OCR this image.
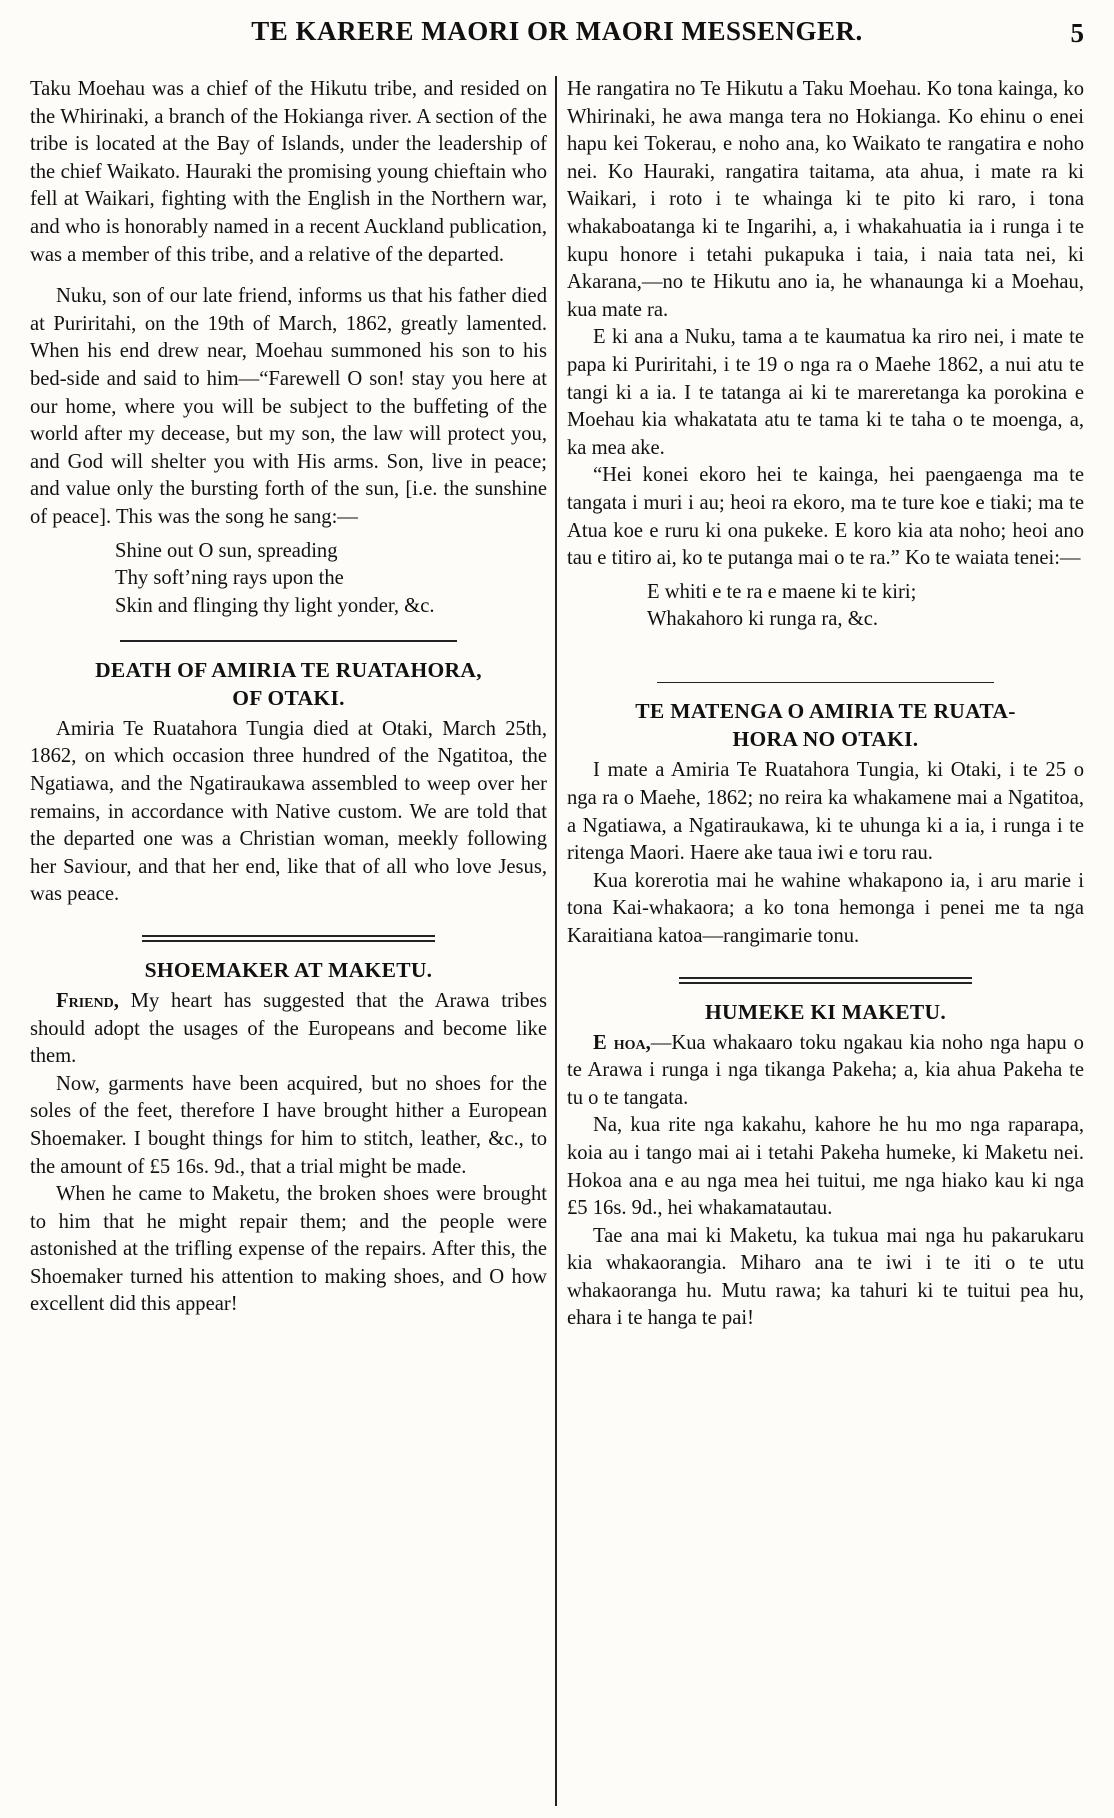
TE KARERE MAORI OR MAORI MESSENGER.	5

Taku Moehau was a chief of the Hikutu tribe, and resided on the Whirinaki, a branch of the Hokianga river. A section of the tribe is located at the Bay of Islands, under the leadership of the chief Waikato. Hauraki the promising young chieftain who fell at Waikari, fighting with the English in the Northern war, and who is honorably named in a recent Auckland publication, was a member of this tribe, and a relative of the departed.

Nuku, son of our late friend, informs us that his father died at Puriritahi, on the 19th of March, 1862, greatly lamented. When his end drew near, Moehau summoned his son to his bed-side and said to him—“Farewell O son! stay you here at our home, where you will be subject to the buffeting of the world after my decease, but my son, the law will protect you, and God will shelter you with His arms. Son, live in peace; and value only the bursting forth of the sun, [i.e. the sunshine of peace]. This was the song he sang:—

Shine out O sun, spreading
Thy soft’ning rays upon the
Skin and flinging thy light yonder, &c.
DEATH OF AMIRIA TE RUATAHORA,
OF OTAKI.

Amiria Te Ruatahora Tungia died at Otaki, March 25th, 1862, on which occasion three hundred of the Ngatitoa, the Ngatiawa, and the Ngatiraukawa assembled to weep over her remains, in accordance with Native custom. We are told that the departed one was a Christian woman, meekly following her Saviour, and that her end, like that of all who love Jesus, was peace.

SHOEMAKER AT MAKETU.

Friend, My heart has suggested that the Arawa tribes should adopt the usages of the Europeans and become like them.

Now, garments have been acquired, but no shoes for the soles of the feet, therefore I have brought hither a European Shoemaker. I bought things for him to stitch, leather, &c., to the amount of £5 16s. 9d., that a trial might be made.

When he came to Maketu, the broken shoes were brought to him that he might repair them; and the people were astonished at the trifling expense of the repairs. After this, the Shoemaker turned his attention to making shoes, and O how excellent did this appear!

He rangatira no Te Hikutu a Taku Moehau. Ko tona kainga, ko Whirinaki, he awa manga tera no Hokianga. Ko ehinu o enei hapu kei Tokerau, e noho ana, ko Waikato te rangatira e noho nei. Ko Hauraki, rangatira taitama, ata ahua, i mate ra ki Waikari, i roto i te whainga ki te pito ki raro, i tona whakaboatanga ki te Ingarihi, a, i whakahuatia ia i runga i te kupu honore i tetahi pukapuka i taia, i naia tata nei, ki Akarana,—no te Hikutu ano ia, he whanaunga ki a Moehau, kua mate ra.

E ki ana a Nuku, tama a te kaumatua ka riro nei, i mate te papa ki Puriritahi, i te 19 o nga ra o Maehe 1862, a nui atu te tangi ki a ia. I te tatanga ai ki te mareretanga ka porokina e Moehau kia whakatata atu te tama ki te taha o te moenga, a, ka mea ake.

“Hei konei ekoro hei te kainga, hei paengaenga ma te tangata i muri i au; heoi ra ekoro, ma te ture koe e tiaki; ma te Atua koe e ruru ki ona pukeke. E koro kia ata noho; heoi ano tau e titiro ai, ko te putanga mai o te ra.” Ko te waiata tenei:—

E whiti e te ra e maene ki te kiri;
Whakahoro ki runga ra, &c.
TE MATENGA O AMIRIA TE RUATA-
HORA NO OTAKI.

I mate a Amiria Te Ruatahora Tungia, ki Otaki, i te 25 o nga ra o Maehe, 1862; no reira ka whakamene mai a Ngatitoa, a Ngatiawa, a Ngatiraukawa, ki te uhunga ki a ia, i runga i te ritenga Maori. Haere ake taua iwi e toru rau.

Kua korerotia mai he wahine whakapono ia, i aru marie i tona Kai-whakaora; a ko tona hemonga i penei me ta nga Karaitiana katoa—rangimarie tonu.

HUMEKE KI MAKETU.

E hoa,—Kua whakaaro toku ngakau kia noho nga hapu o te Arawa i runga i nga tikanga Pakeha; a, kia ahua Pakeha te tu o te tangata.

Na, kua rite nga kakahu, kahore he hu mo nga raparapa, koia au i tango mai ai i tetahi Pakeha humeke, ki Maketu nei. Hokoa ana e au nga mea hei tuitui, me nga hiako kau ki nga £5 16s. 9d., hei whakamatautau.

Tae ana mai ki Maketu, ka tukua mai nga hu pakarukaru kia whakaorangia. Miharo ana te iwi i te iti o te utu whakaoranga hu. Mutu rawa; ka tahuri ki te tuitui pea hu, ehara i te hanga te pai!
